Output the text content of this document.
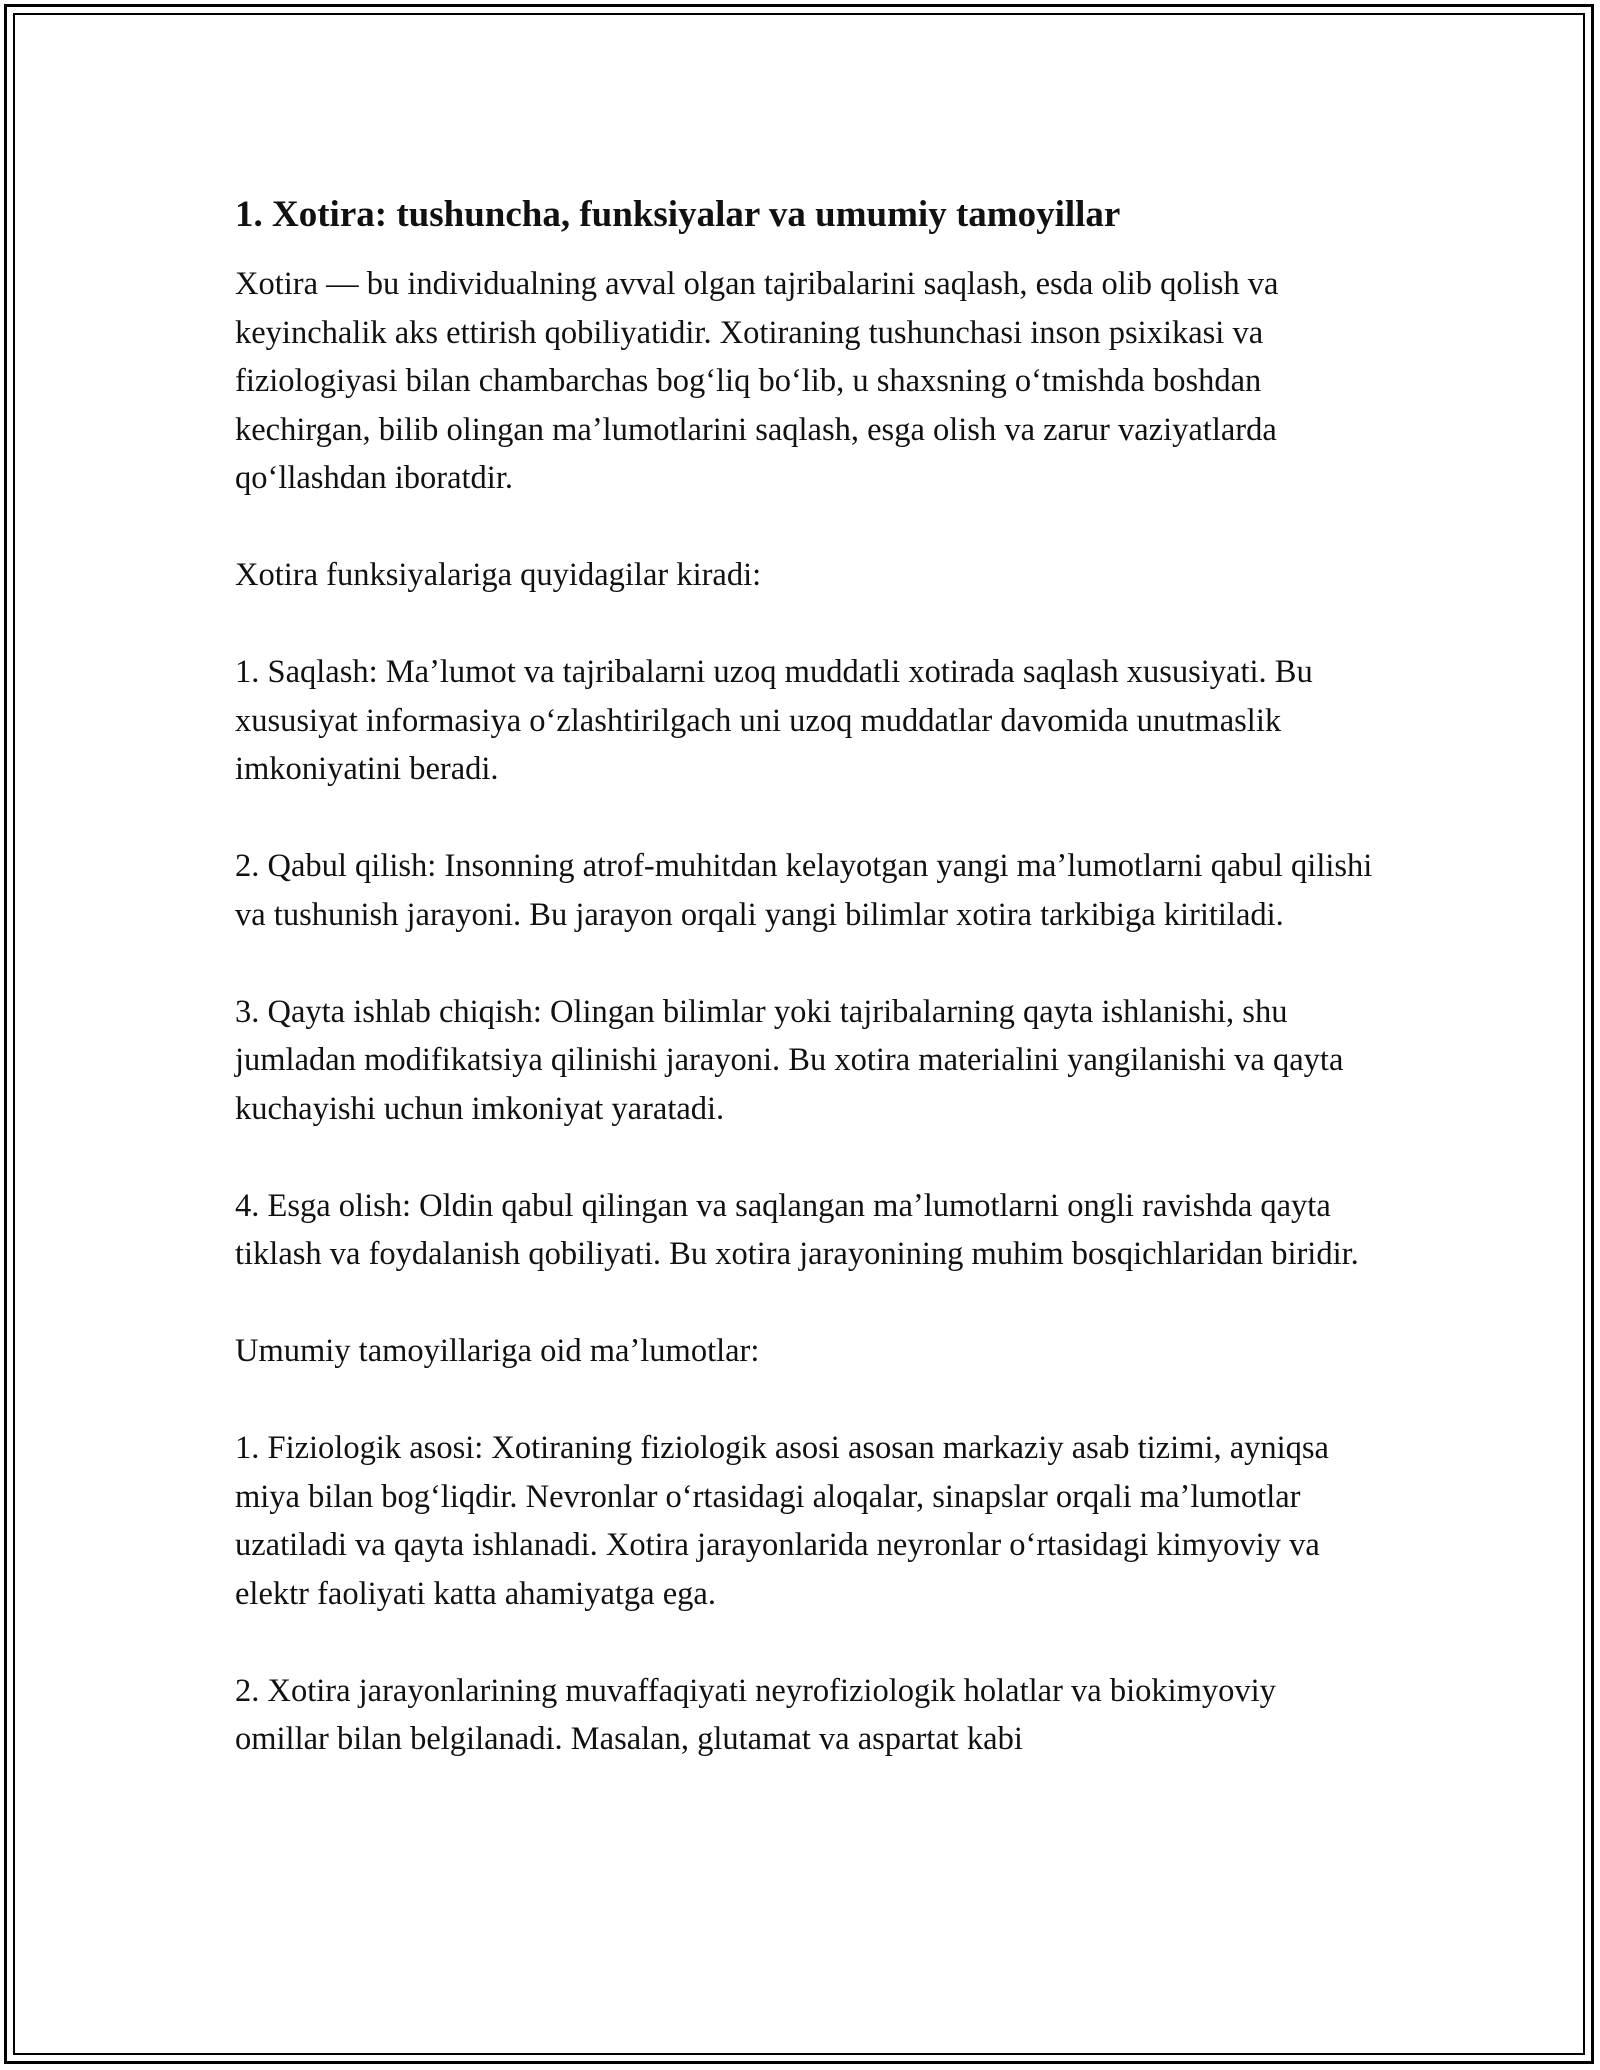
1. Xotira: tushuncha, funksiyalar va umumiy tamoyillar

Xotira — bu individualning avval olgan tajribalarini saqlash, esda olib qolish va keyinchalik aks ettirish qobiliyatidir. Xotiraning tushunchasi inson psixikasi va fiziologiyasi bilan chambarchas bogʻliq boʻlib, u shaxsning oʻtmishda boshdan kechirgan, bilib olingan maʼlumotlarini saqlash, esga olish va zarur vaziyatlarda qoʻllashdan iboratdir.

Xotira funksiyalariga quyidagilar kiradi:

1. Saqlash: Maʼlumot va tajribalarni uzoq muddatli xotirada saqlash xususiyati. Bu xususiyat informasiya oʻzlashtirilgach uni uzoq muddatlar davomida unutmaslik imkoniyatini beradi.

2. Qabul qilish: Insonning atrof-muhitdan kelayotgan yangi maʼlumotlarni qabul qilishi va tushunish jarayoni. Bu jarayon orqali yangi bilimlar xotira tarkibiga kiritiladi.

3. Qayta ishlab chiqish: Olingan bilimlar yoki tajribalarning qayta ishlanishi, shu jumladan modifikatsiya qilinishi jarayoni. Bu xotira materialini yangilanishi va qayta kuchayishi uchun imkoniyat yaratadi.

4. Esga olish: Oldin qabul qilingan va saqlangan maʼlumotlarni ongli ravishda qayta tiklash va foydalanish qobiliyati. Bu xotira jarayonining muhim bosqichlaridan biridir.

Umumiy tamoyillariga oid maʼlumotlar:

1. Fiziologik asosi: Xotiraning fiziologik asosi asosan markaziy asab tizimi, ayniqsa miya bilan bogʻliqdir. Nevronlar oʻrtasidagi aloqalar, sinapslar orqali maʼlumotlar uzatiladi va qayta ishlanadi. Xotira jarayonlarida neyronlar oʻrtasidagi kimyoviy va elektr faoliyati katta ahamiyatga ega.

2. Xotira jarayonlarining muvaffaqiyati neyrofiziologik holatlar va biokimyoviy omillar bilan belgilanadi. Masalan, glutamat va aspartat kabi
